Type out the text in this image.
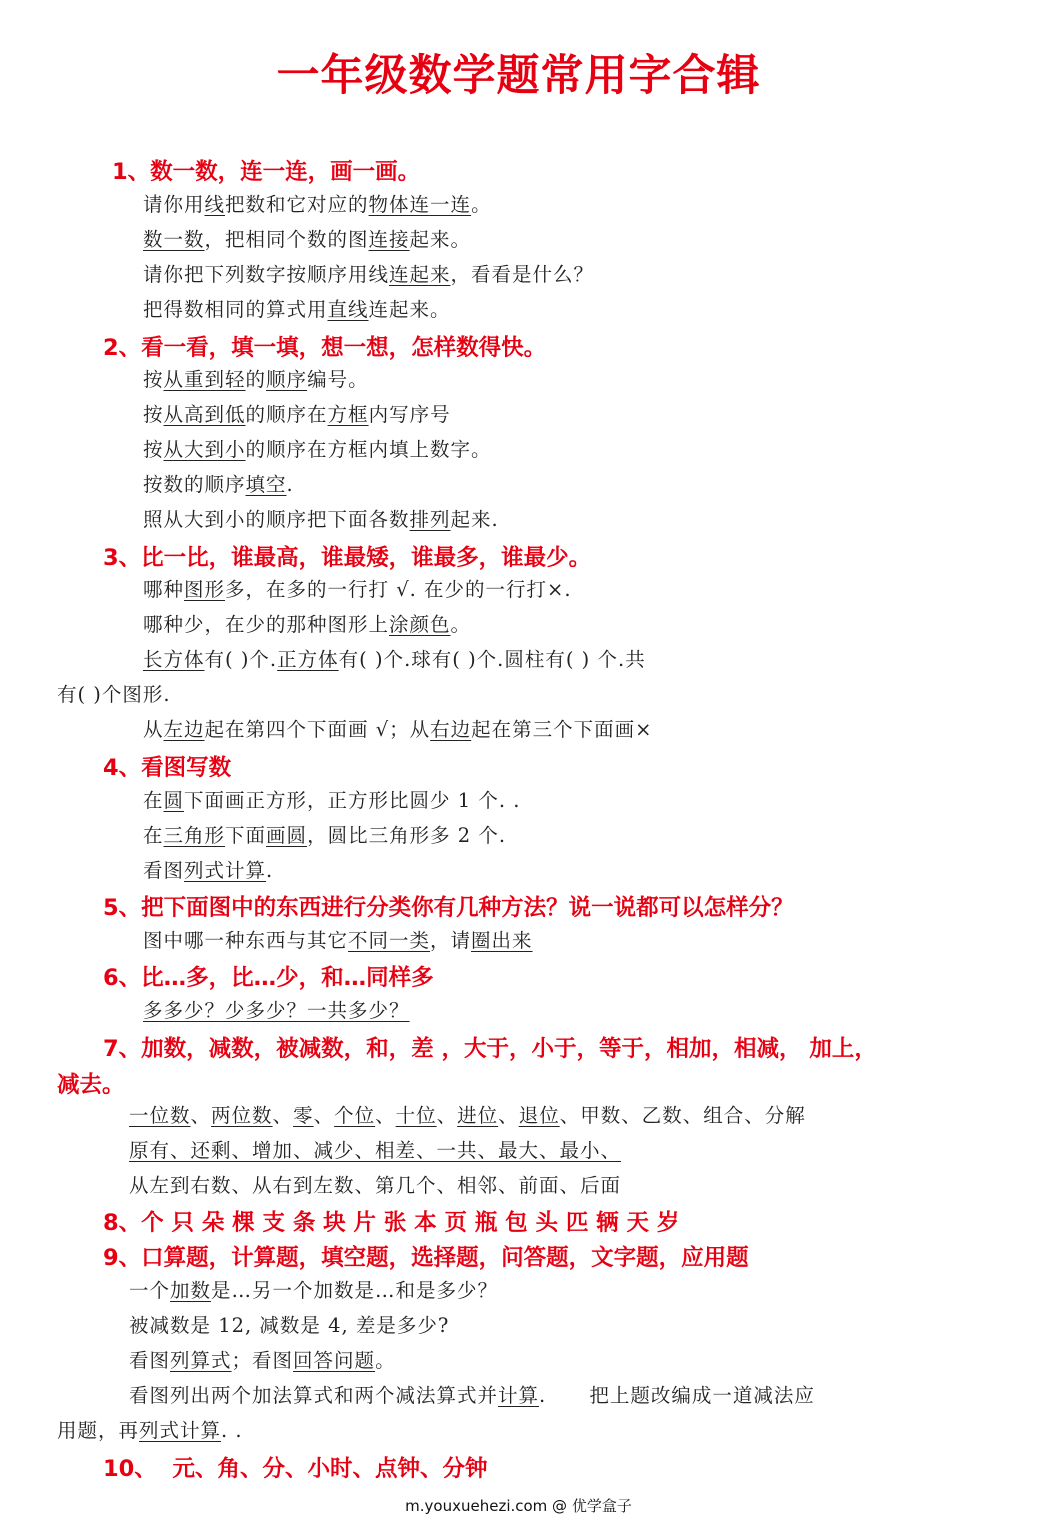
一年级数学题常用字合辑
1、数一数，连一连，画一画。
请你用线把数和它对应的物体连一连。
数一数，把相同个数的图连接起来。
请你把下列数字按顺序用线连起来，看看是什么？
把得数相同的算式用直线连起来。
2、看一看，填一填，想一想，怎样数得快。
按从重到轻的顺序编号。
按从高到低的顺序在方框内写序号
按从大到小的顺序在方框内填上数字。
按数的顺序填空.
照从大到小的顺序把下面各数排列起来.
3、比一比，谁最高，谁最矮，谁最多，谁最少。
哪种图形多，在多的一行打 √. 在少的一行打×.
哪种少，在少的那种图形上涂颜色。
长方体有( )个.正方体有( )个.球有( )个.圆柱有( ) 个.共
有( )个图形.
从左边起在第四个下面画 √；从右边起在第三个下面画×
4、看图写数
在圆下面画正方形，正方形比圆少 1 个. .
在三角形下面画圆，圆比三角形多 2 个.
看图列式计算.
5、把下面图中的东西进行分类你有几种方法？说一说都可以怎样分？
图中哪一种东西与其它不同一类，请圈出来
6、比…多，比…少，和…同样多
多多少？少多少？一共多少？
7、加数，减数，被减数，和，差 ，大于，小于，等于，相加，相减， 加上，
减去。
一位数、两位数、零、个位、十位、进位、退位、甲数、乙数、组合、分解
原有、还剩、增加、减少、相差、一共、最大、最小、
从左到右数、从右到左数、第几个、相邻、前面、后面
8、个 只 朵 棵 支 条 块 片 张 本 页 瓶 包 头 匹 辆 天 岁
9、口算题，计算题，填空题，选择题，问答题，文字题，应用题
一个加数是…另一个加数是…和是多少？
被减数是 12, 减数是 4, 差是多少?
看图列算式；看图回答问题。
看图列出两个加法算式和两个减法算式并计算.      把上题改编成一道减法应
用题，再列式计算. .
10、  元、角、分、小时、点钟、分钟
m.youxuehezi.com @ 优学盒子
